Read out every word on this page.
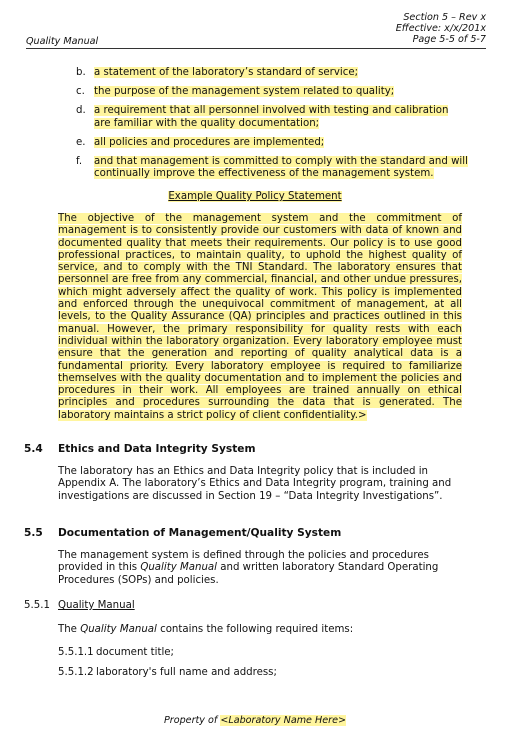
Quality Manual
Section 5 – Rev x
Effective: x/x/201x
Page 5-5 of 5-7
b. a statement of the laboratory’s standard of service;
c. the purpose of the management system related to quality;
d. a requirement that all personnel involved with testing and calibration are familiar with the quality documentation;
e. all policies and procedures are implemented;
f. and that management is committed to comply with the standard and will continually improve the effectiveness of the management system.
Example Quality Policy Statement
The objective of the management system and the commitment of management is to consistently provide our customers with data of known and documented quality that meets their requirements. Our policy is to use good professional practices, to maintain quality, to uphold the highest quality of service, and to comply with the TNI Standard. The laboratory ensures that personnel are free from any commercial, financial, and other undue pressures, which might adversely affect the quality of work. This policy is implemented and enforced through the unequivocal commitment of management, at all levels, to the Quality Assurance (QA) principles and practices outlined in this manual. However, the primary responsibility for quality rests with each individual within the laboratory organization. Every laboratory employee must ensure that the generation and reporting of quality analytical data is a fundamental priority. Every laboratory employee is required to familiarize themselves with the quality documentation and to implement the policies and procedures in their work. All employees are trained annually on ethical principles and procedures surrounding the data that is generated. The laboratory maintains a strict policy of client confidentiality.>
5.4 Ethics and Data Integrity System
The laboratory has an Ethics and Data Integrity policy that is included in Appendix A. The laboratory’s Ethics and Data Integrity program, training and investigations are discussed in Section 19 – “Data Integrity Investigations”.
5.5 Documentation of Management/Quality System
The management system is defined through the policies and procedures provided in this Quality Manual and written laboratory Standard Operating Procedures (SOPs) and policies.
5.5.1 Quality Manual
The Quality Manual contains the following required items:
5.5.1.1 document title;
5.5.1.2 laboratory's full name and address;
Property of <Laboratory Name Here>
